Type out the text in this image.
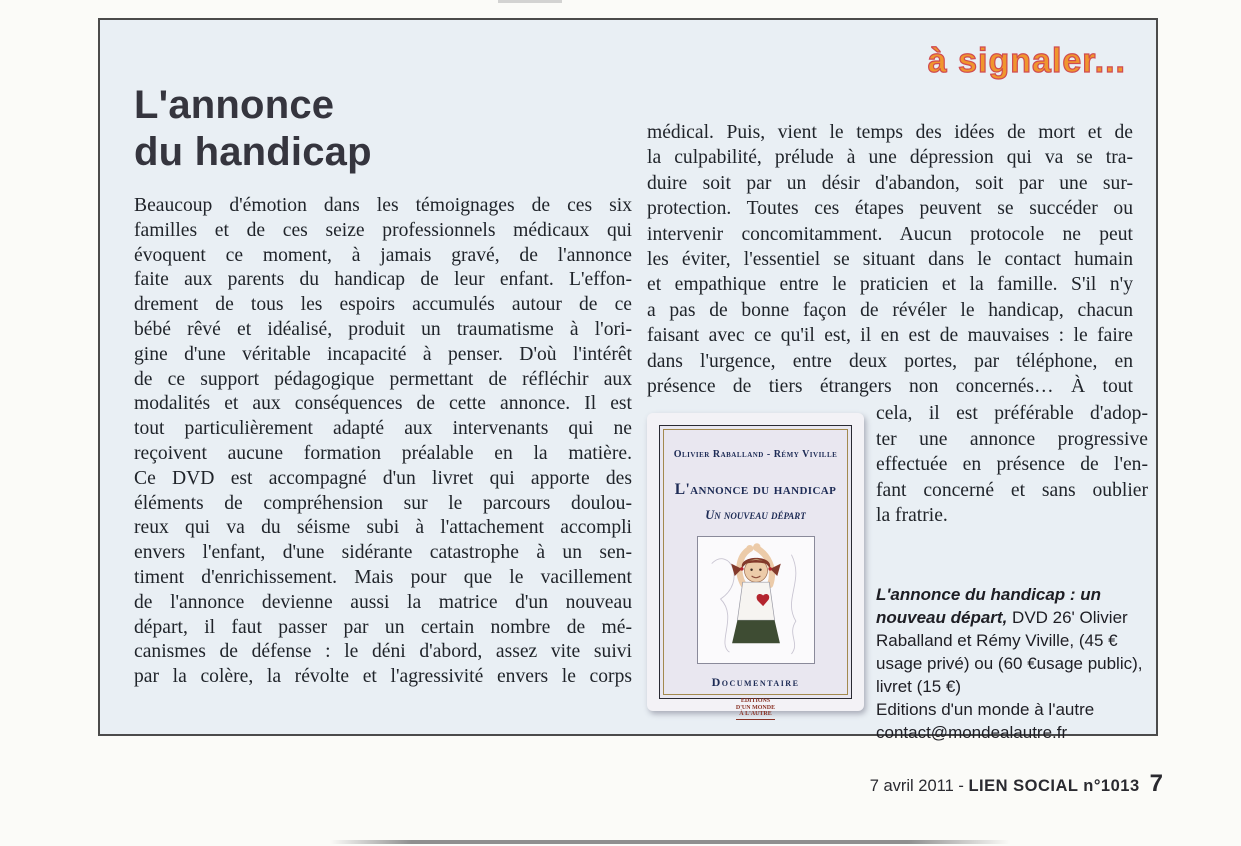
à signaler...
L'annonce
du handicap
Beaucoup d'émotion dans les témoignages de ces six
familles et de ces seize professionnels médicaux qui
évoquent ce moment, à jamais gravé, de l'annonce
faite aux parents du handicap de leur enfant. L'effon-
drement de tous les espoirs accumulés autour de ce
bébé rêvé et idéalisé, produit un traumatisme à l'ori-
gine d'une véritable incapacité à penser. D'où l'intérêt
de ce support pédagogique permettant de réfléchir aux
modalités et aux conséquences de cette annonce. Il est
tout particulièrement adapté aux intervenants qui ne
reçoivent aucune formation préalable en la matière.
Ce DVD est accompagné d'un livret qui apporte des
éléments de compréhension sur le parcours doulou-
reux qui va du séisme subi à l'attachement accompli
envers l'enfant, d'une sidérante catastrophe à un sen-
timent d'enrichissement. Mais pour que le vacillement
de l'annonce devienne aussi la matrice d'un nouveau
départ, il faut passer par un certain nombre de mé-
canismes de défense : le déni d'abord, assez vite suivi
par la colère, la révolte et l'agressivité envers le corps
médical. Puis, vient le temps des idées de mort et de
la culpabilité, prélude à une dépression qui va se tra-
duire soit par un désir d'abandon, soit par une sur-
protection. Toutes ces étapes peuvent se succéder ou
intervenir concomitamment. Aucun protocole ne peut
les éviter, l'essentiel se situant dans le contact humain
et empathique entre le praticien et la famille. S'il n'y
a pas de bonne façon de révéler le handicap, chacun
faisant avec ce qu'il est, il en est de mauvaises : le faire
dans l'urgence, entre deux portes, par téléphone, en
présence de tiers étrangers non concernés… À tout
Olivier Raballand - Rémy Viville
L'annonce du handicap
Un nouveau départ
Documentaire
EDITIONS
D'UN MONDE
À L'AUTRE
cela, il est préférable d'adop-
ter une annonce progressive
effectuée en présence de l'en-
fant concerné et sans oublier
la fratrie.

L'annonce du handicap : un nouveau départ, DVD 26' Olivier Raballand et Rémy Viville, (45 € usage privé) ou (60 €usage public), livret (15 €)

Editions d'un monde à l'autre

contact@mondealautre.fr

7 avril 2011 - LIEN SOCIAL n°1013 7
